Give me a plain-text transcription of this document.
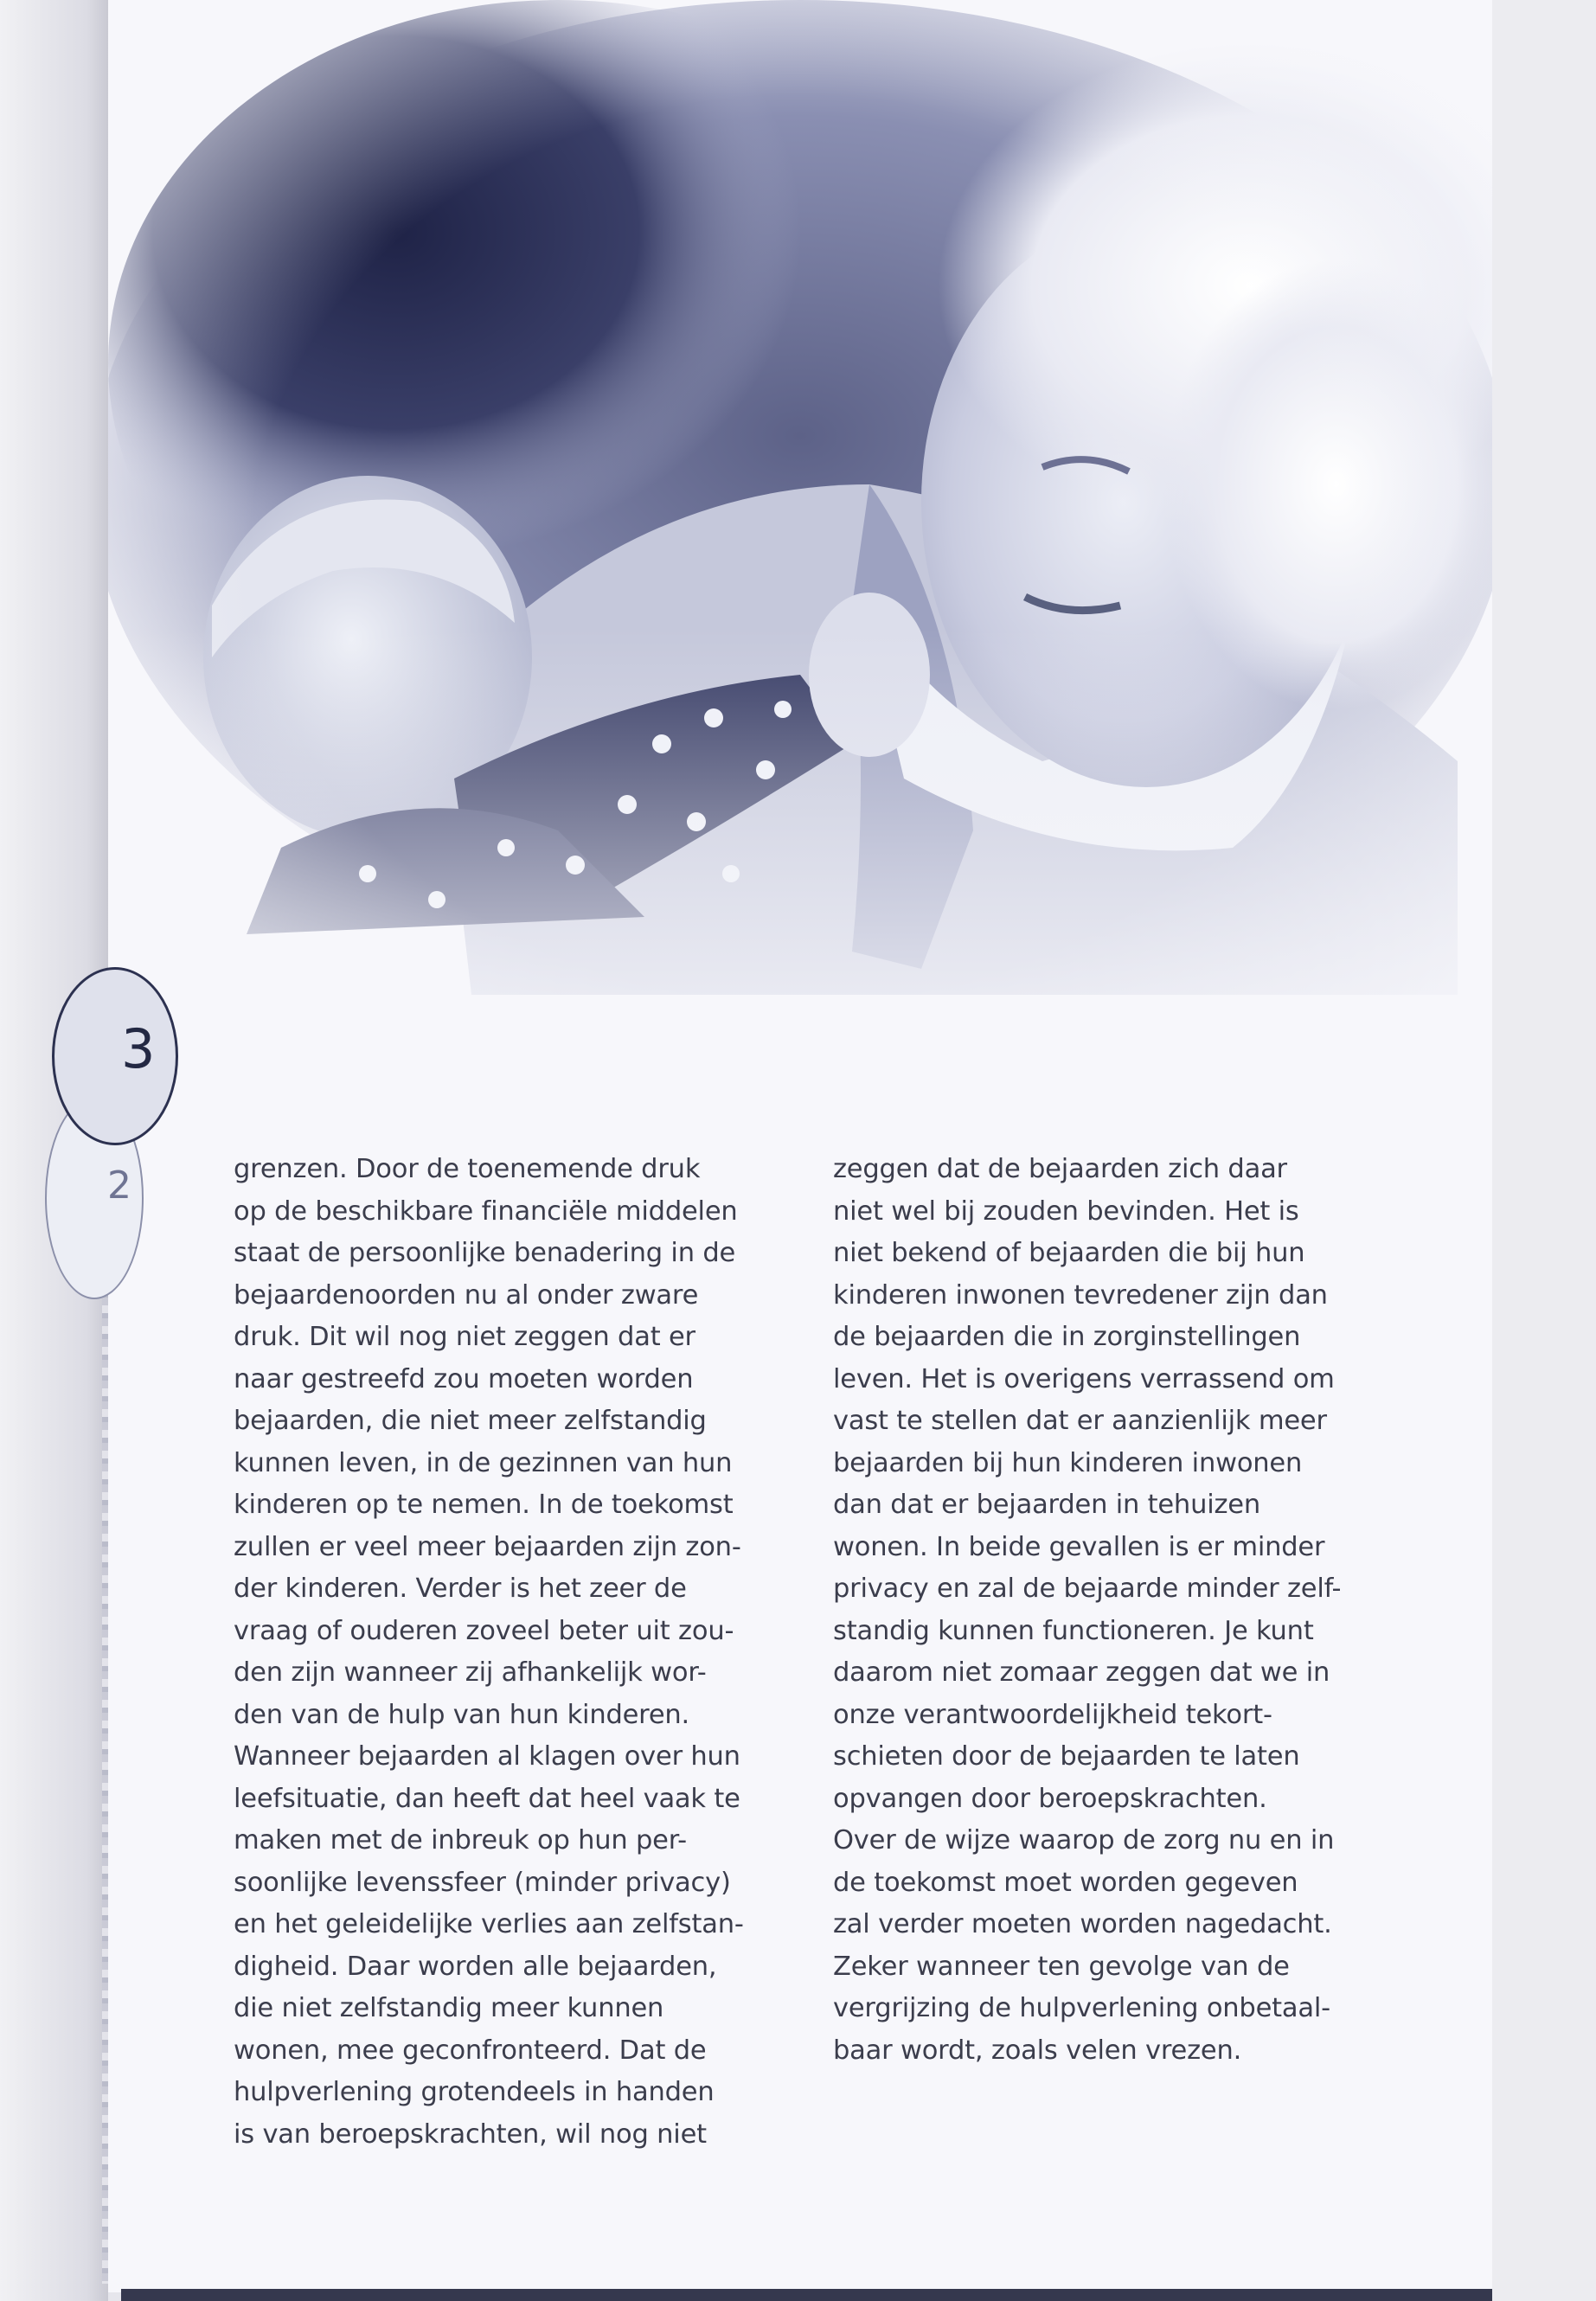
grenzen. Door de toenemende druk
op de beschikbare financiële middelen
staat de persoonlijke benadering in de
bejaardenoorden nu al onder zware
druk. Dit wil nog niet zeggen dat er
naar gestreefd zou moeten worden
bejaarden, die niet meer zelfstandig
kunnen leven, in de gezinnen van hun
kinderen op te nemen. In de toekomst
zullen er veel meer bejaarden zijn zon-
der kinderen. Verder is het zeer de
vraag of ouderen zoveel beter uit zou-
den zijn wanneer zij afhankelijk wor-
den van de hulp van hun kinderen.
Wanneer bejaarden al klagen over hun
leefsituatie, dan heeft dat heel vaak te
maken met de inbreuk op hun per-
soonlijke levenssfeer (minder privacy)
en het geleidelijke verlies aan zelfstan-
digheid. Daar worden alle bejaarden,
die niet zelfstandig meer kunnen
wonen, mee geconfronteerd. Dat de
hulpverlening grotendeels in handen
is van beroepskrachten, wil nog niet

zeggen dat de bejaarden zich daar
niet wel bij zouden bevinden. Het is
niet bekend of bejaarden die bij hun
kinderen inwonen tevredener zijn dan
de bejaarden die in zorginstellingen
leven. Het is overigens verrassend om
vast te stellen dat er aanzienlijk meer
bejaarden bij hun kinderen inwonen
dan dat er bejaarden in tehuizen
wonen. In beide gevallen is er minder
privacy en zal de bejaarde minder zelf-
standig kunnen functioneren. Je kunt
daarom niet zomaar zeggen dat we in
onze verantwoordelijkheid tekort-
schieten door de bejaarden te laten
opvangen door beroepskrachten.
Over de wijze waarop de zorg nu en in
de toekomst moet worden gegeven
zal verder moeten worden nagedacht.
Zeker wanneer ten gevolge van de
vergrijzing de hulpverlening onbetaal-
baar wordt, zoals velen vrezen.

2
3
